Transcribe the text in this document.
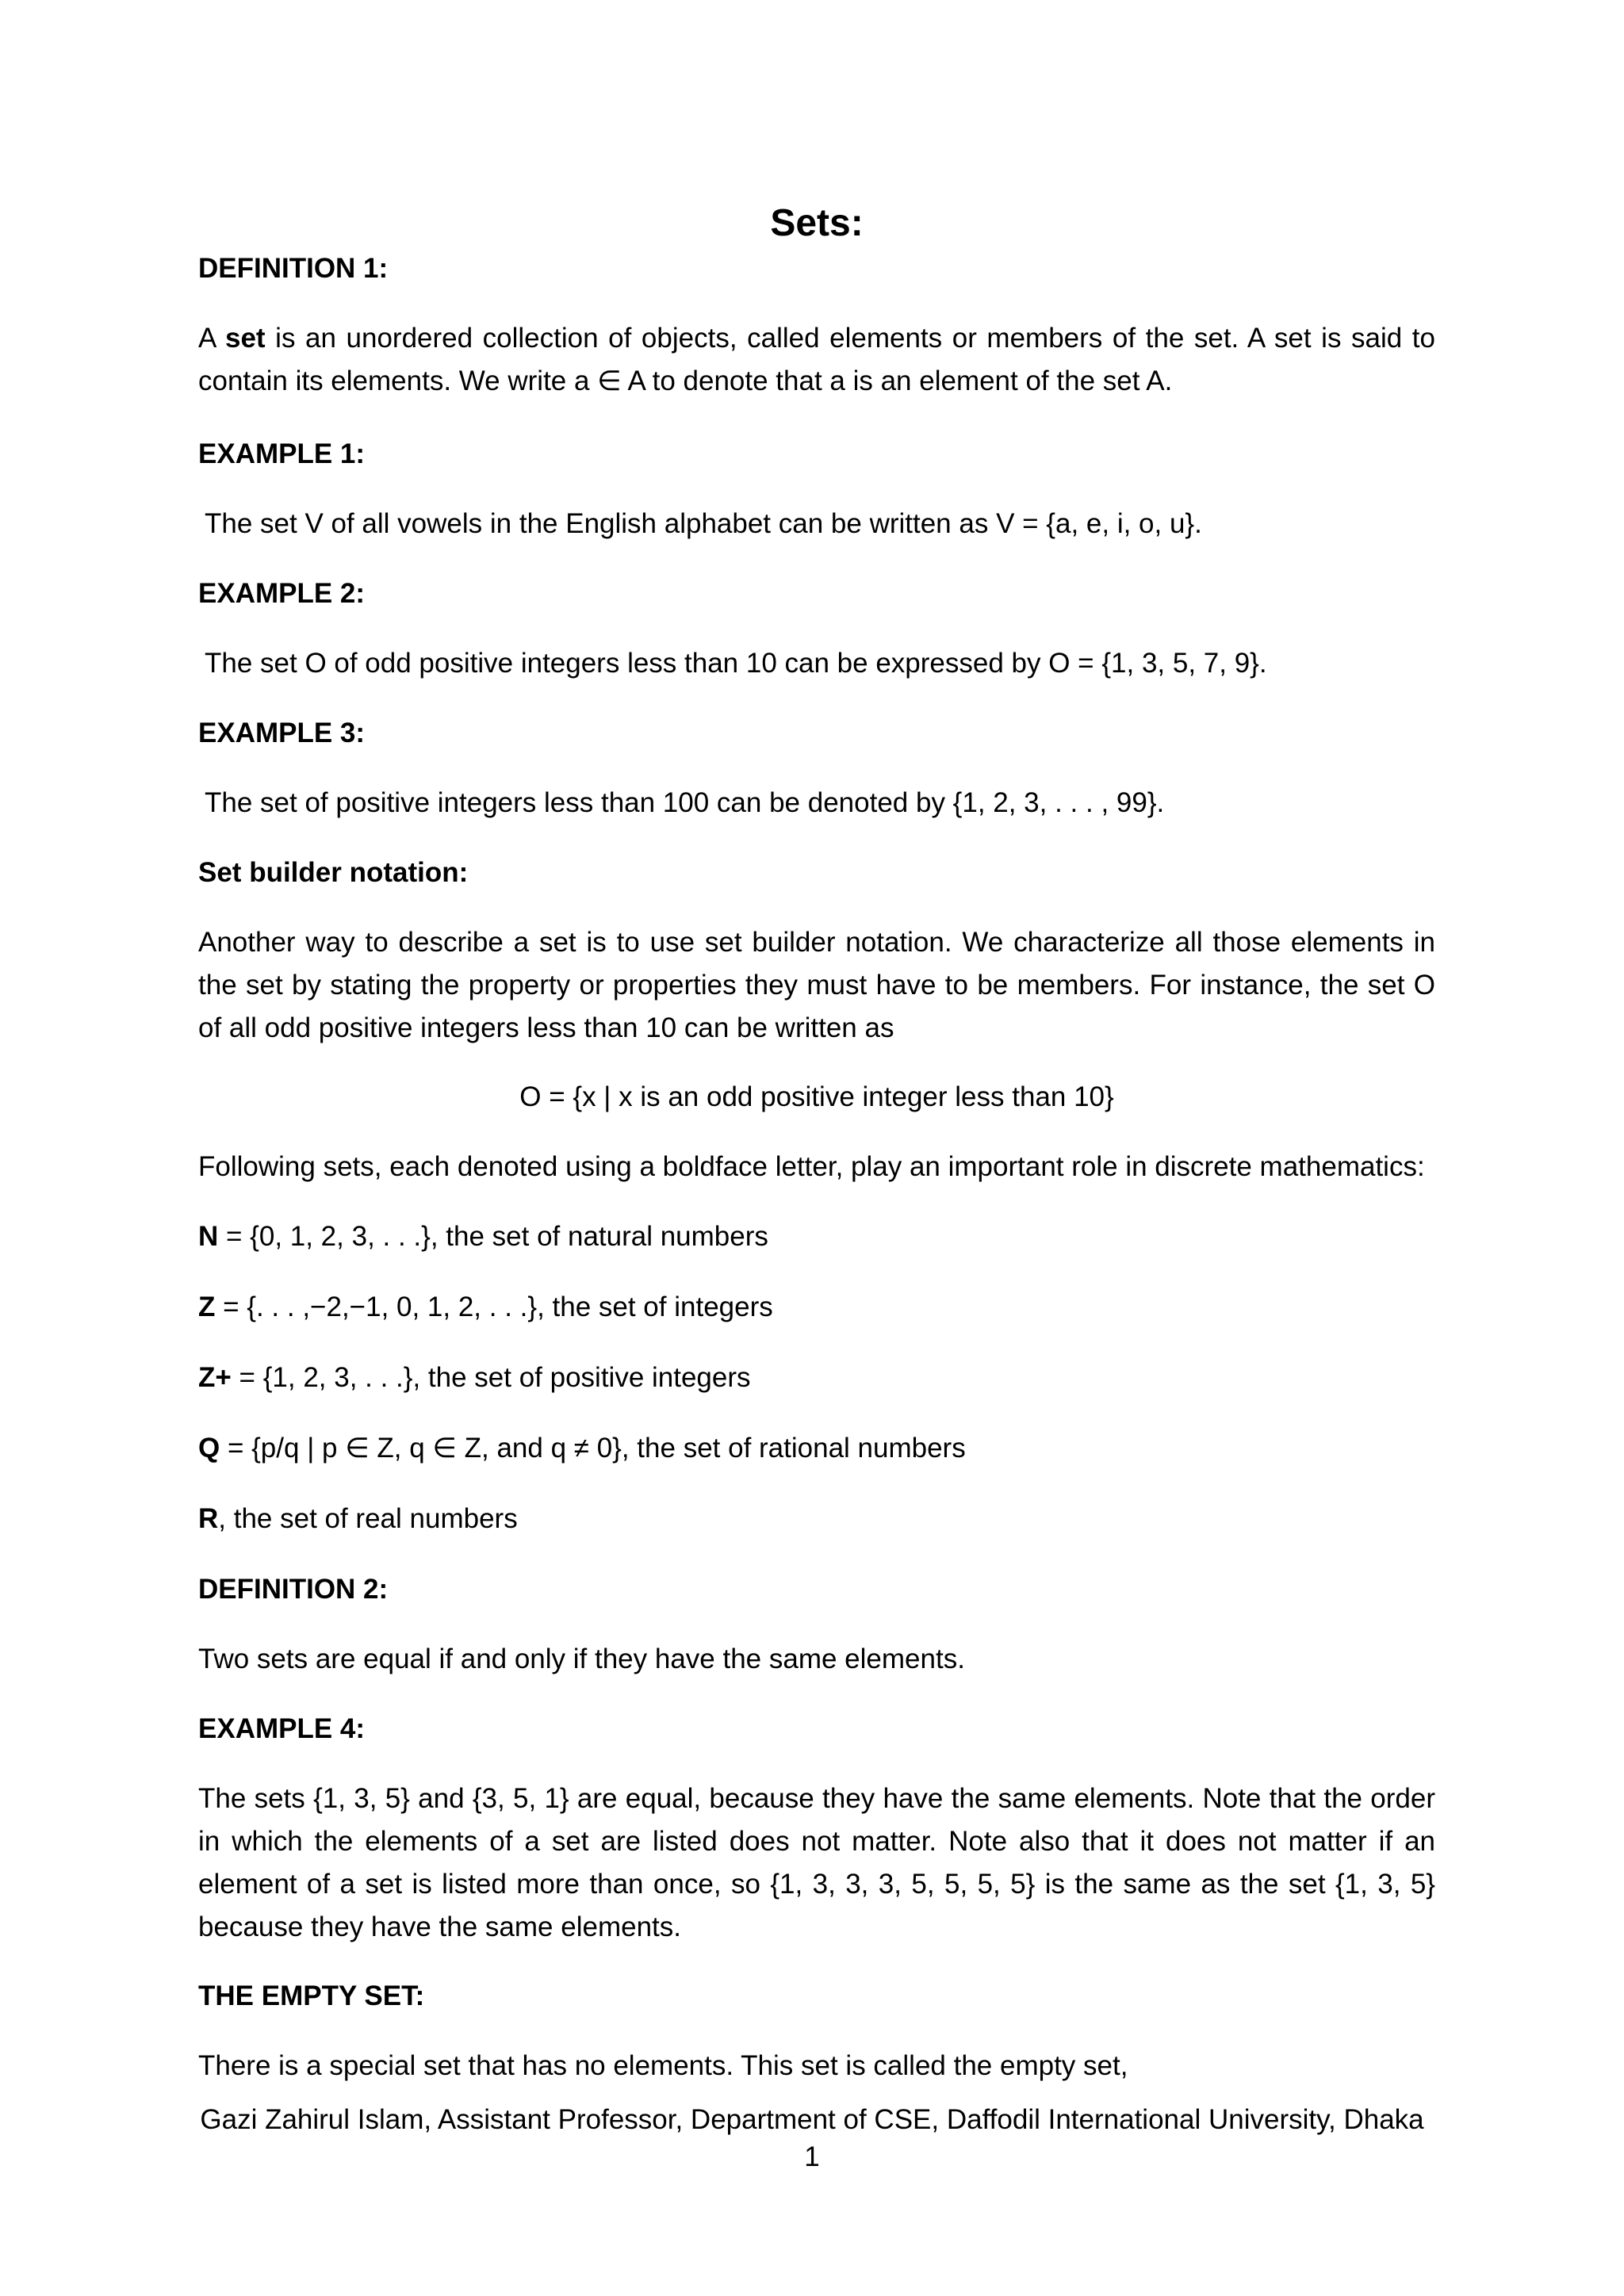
Sets:
DEFINITION 1:

A set is an unordered collection of objects, called elements or members of the set. A set is said to contain its elements. We write a ∈ A to denote that a is an element of the set A.

EXAMPLE 1:
The set V of all vowels in the English alphabet can be written as V = {a, e, i, o, u}.
EXAMPLE 2:
The set O of odd positive integers less than 10 can be expressed by O = {1, 3, 5, 7, 9}.
EXAMPLE 3:
The set of positive integers less than 100 can be denoted by {1, 2, 3, . . . , 99}.
Set builder notation:

Another way to describe a set is to use set builder notation. We characterize all those elements in the set by stating the property or properties they must have to be members. For instance, the set O of all odd positive integers less than 10 can be written as

O = {x | x is an odd positive integer less than 10}
Following sets, each denoted using a boldface letter, play an important role in discrete mathematics:
N = {0, 1, 2, 3, . . .}, the set of natural numbers
Z = {. . . ,−2,−1, 0, 1, 2, . . .}, the set of integers
Z+ = {1, 2, 3, . . .}, the set of positive integers
Q = {p/q | p ∈ Z, q ∈ Z, and q ≠ 0}, the set of rational numbers
R, the set of real numbers
DEFINITION 2:
Two sets are equal if and only if they have the same elements.
EXAMPLE 4:

The sets {1, 3, 5} and {3, 5, 1} are equal, because they have the same elements. Note that the order in which the elements of a set are listed does not matter. Note also that it does not matter if an element of a set is listed more than once, so {1, 3, 3, 3, 5, 5, 5, 5} is the same as the set {1, 3, 5} because they have the same elements.

THE EMPTY SET:
There is a special set that has no elements. This set is called the empty set,
Gazi Zahirul Islam, Assistant Professor, Department of CSE, Daffodil International University, Dhaka
1
